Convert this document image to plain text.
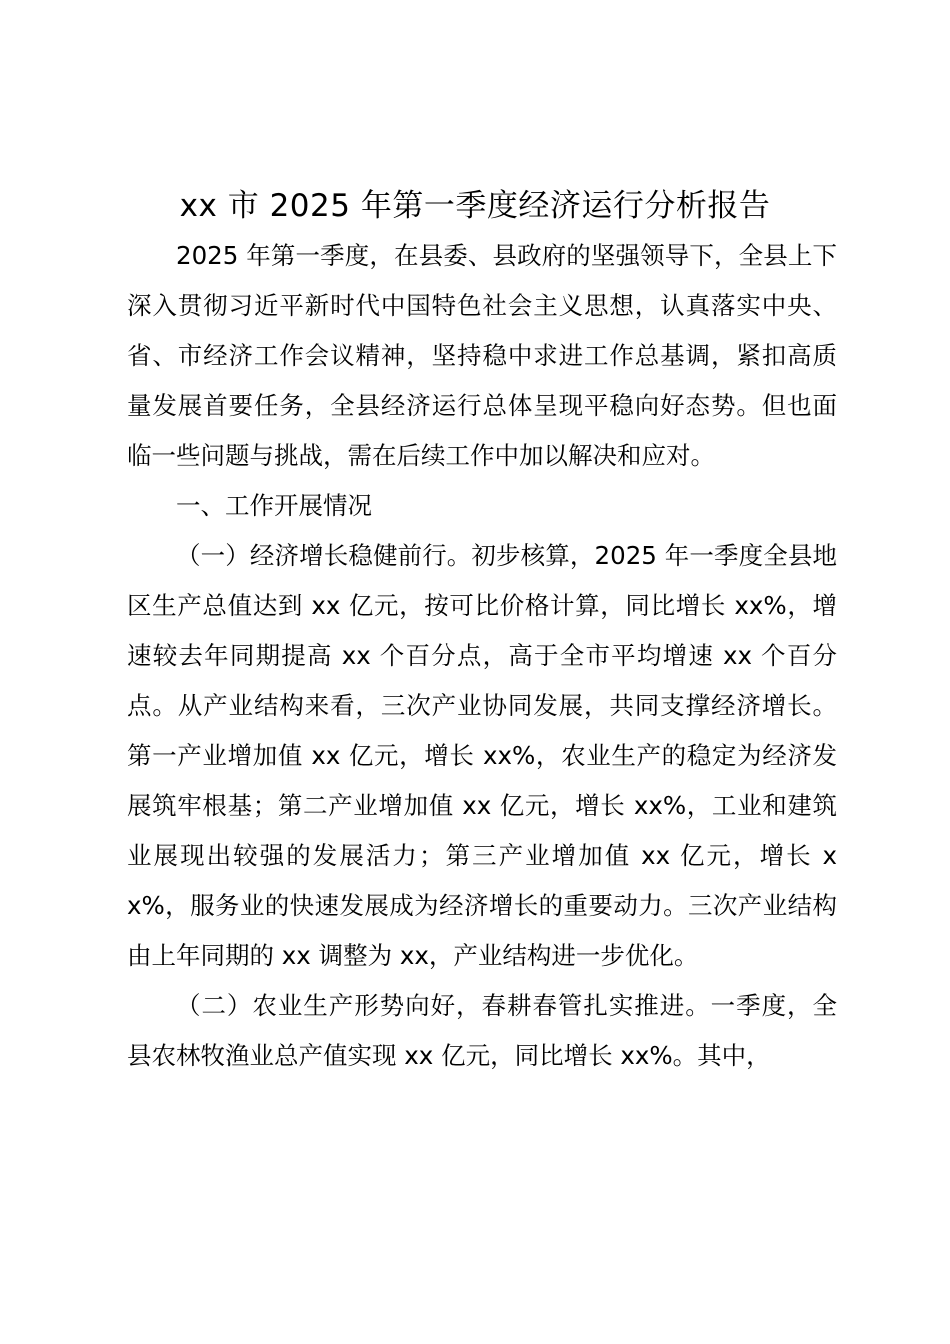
xx 市 2025 年第一季度经济运行分析报告

2025 年第一季度，在县委、县政府的坚强领导下，全县上下深入贯彻习近平新时代中国特色社会主义思想，认真落实中央、省、市经济工作会议精神，坚持稳中求进工作总基调，紧扣高质量发展首要任务，全县经济运行总体呈现平稳向好态势。但也面临一些问题与挑战，需在后续工作中加以解决和应对。

一、工作开展情况

（一）经济增长稳健前行。初步核算，2025 年一季度全县地区生产总值达到 xx 亿元，按可比价格计算，同比增长 xx%，增速较去年同期提高 xx 个百分点，高于全市平均增速 xx 个百分点。从产业结构来看，三次产业协同发展，共同支撑经济增长。第一产业增加值 xx 亿元，增长 xx%，农业生产的稳定为经济发展筑牢根基；第二产业增加值 xx 亿元，增长 xx%，工业和建筑业展现出较强的发展活力；第三产业增加值 xx 亿元，增长 xx%，服务业的快速发展成为经济增长的重要动力。三次产业结构由上年同期的 xx 调整为 xx，产业结构进一步优化。

（二）农业生产形势向好，春耕春管扎实推进。一季度，全县农林牧渔业总产值实现 xx 亿元，同比增长 xx%。其中，
